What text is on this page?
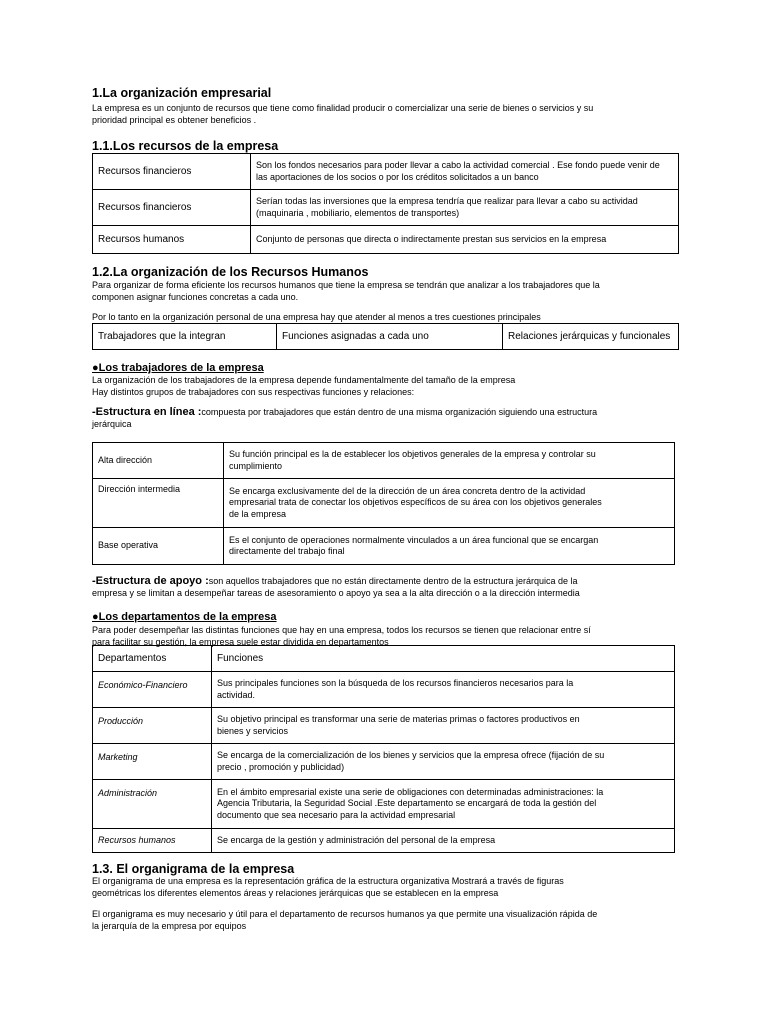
1.La organización empresarial
La empresa es un conjunto de recursos que tiene como finalidad producir o comercializar una serie de bienes o servicios y su
prioridad principal es obtener beneficios .
1.1.Los recursos de la empresa
Recursos financieros	Son los fondos necesarios para poder llevar a cabo la actividad comercial . Ese fondo puede venir de
las aportaciones de los socios o por los créditos solicitados a un banco

Recursos financieros	Serían todas las inversiones que la empresa tendría que realizar para llevar a cabo su actividad
(maquinaria , mobiliario, elementos de transportes)

Recursos humanos	Conjunto de personas que directa o indirectamente prestan sus servicios en la empresa
1.2.La organización de los Recursos Humanos
Para organizar de forma eficiente los recursos humanos que tiene la empresa se tendrán que analizar a los trabajadores que la
componen asignar funciones concretas a cada uno.
Por lo tanto en la organización personal de una empresa hay que atender al menos a tres cuestiones principales
Trabajadores que la integran	Funciones asignadas a cada uno	Relaciones jerárquicas y funcionales
●Los trabajadores de la empresa
La organización de los trabajadores de la empresa depende fundamentalmente del tamaño de la empresa
Hay distintos grupos de trabajadores con sus respectivas funciones y relaciones:
-Estructura en línea :compuesta por trabajadores que están dentro de una misma organización siguiendo una estructura
jerárquica
Alta dirección	Su función principal es la de establecer los objetivos generales de la empresa y controlar su
cumplimiento

Dirección intermedia	Se encarga exclusivamente del de la dirección de un área concreta dentro de la actividad
empresarial trata de conectar los objetivos específicos de su área con los objetivos generales
de la empresa

Base operativa	Es el conjunto de operaciones normalmente vinculados a un área funcional que se encargan
directamente del trabajo final
-Estructura de apoyo :son aquellos trabajadores que no están directamente dentro de la estructura jerárquica de la
empresa y se limitan a desempeñar tareas de asesoramiento o apoyo ya sea a la alta dirección o a la dirección intermedia
●Los departamentos de la empresa
Para poder desempeñar las distintas funciones que hay en una empresa, todos los recursos se tienen que relacionar entre sí
para facilitar su gestión, la empresa suele estar dividida en departamentos
Departamentos	Funciones
Económico-Financiero	Sus principales funciones son la búsqueda de los recursos financieros necesarios para la
actividad.

Producción	Su objetivo principal es transformar una serie de materias primas o factores productivos en
bienes y servicios

Marketing	Se encarga de la comercialización de los bienes y servicios que la empresa ofrece (fijación de su
precio , promoción y publicidad)

Administración	En el ámbito empresarial existe una serie de obligaciones con determinadas administraciones: la
Agencia Tributaria, la Seguridad Social .Este departamento se encargará de toda la gestión del
documento que sea necesario para la actividad empresarial

Recursos humanos	Se encarga de la gestión y administración del personal de la empresa
1.3. El organigrama de la empresa
El organigrama de una empresa es la representación gráfica de la estructura organizativa Mostrará a través de figuras
geométricas los diferentes elementos áreas y relaciones jerárquicas que se establecen en la empresa
El organigrama es muy necesario y útil para el departamento de recursos humanos ya que permite una visualización rápida de
la jerarquía de la empresa por equipos
